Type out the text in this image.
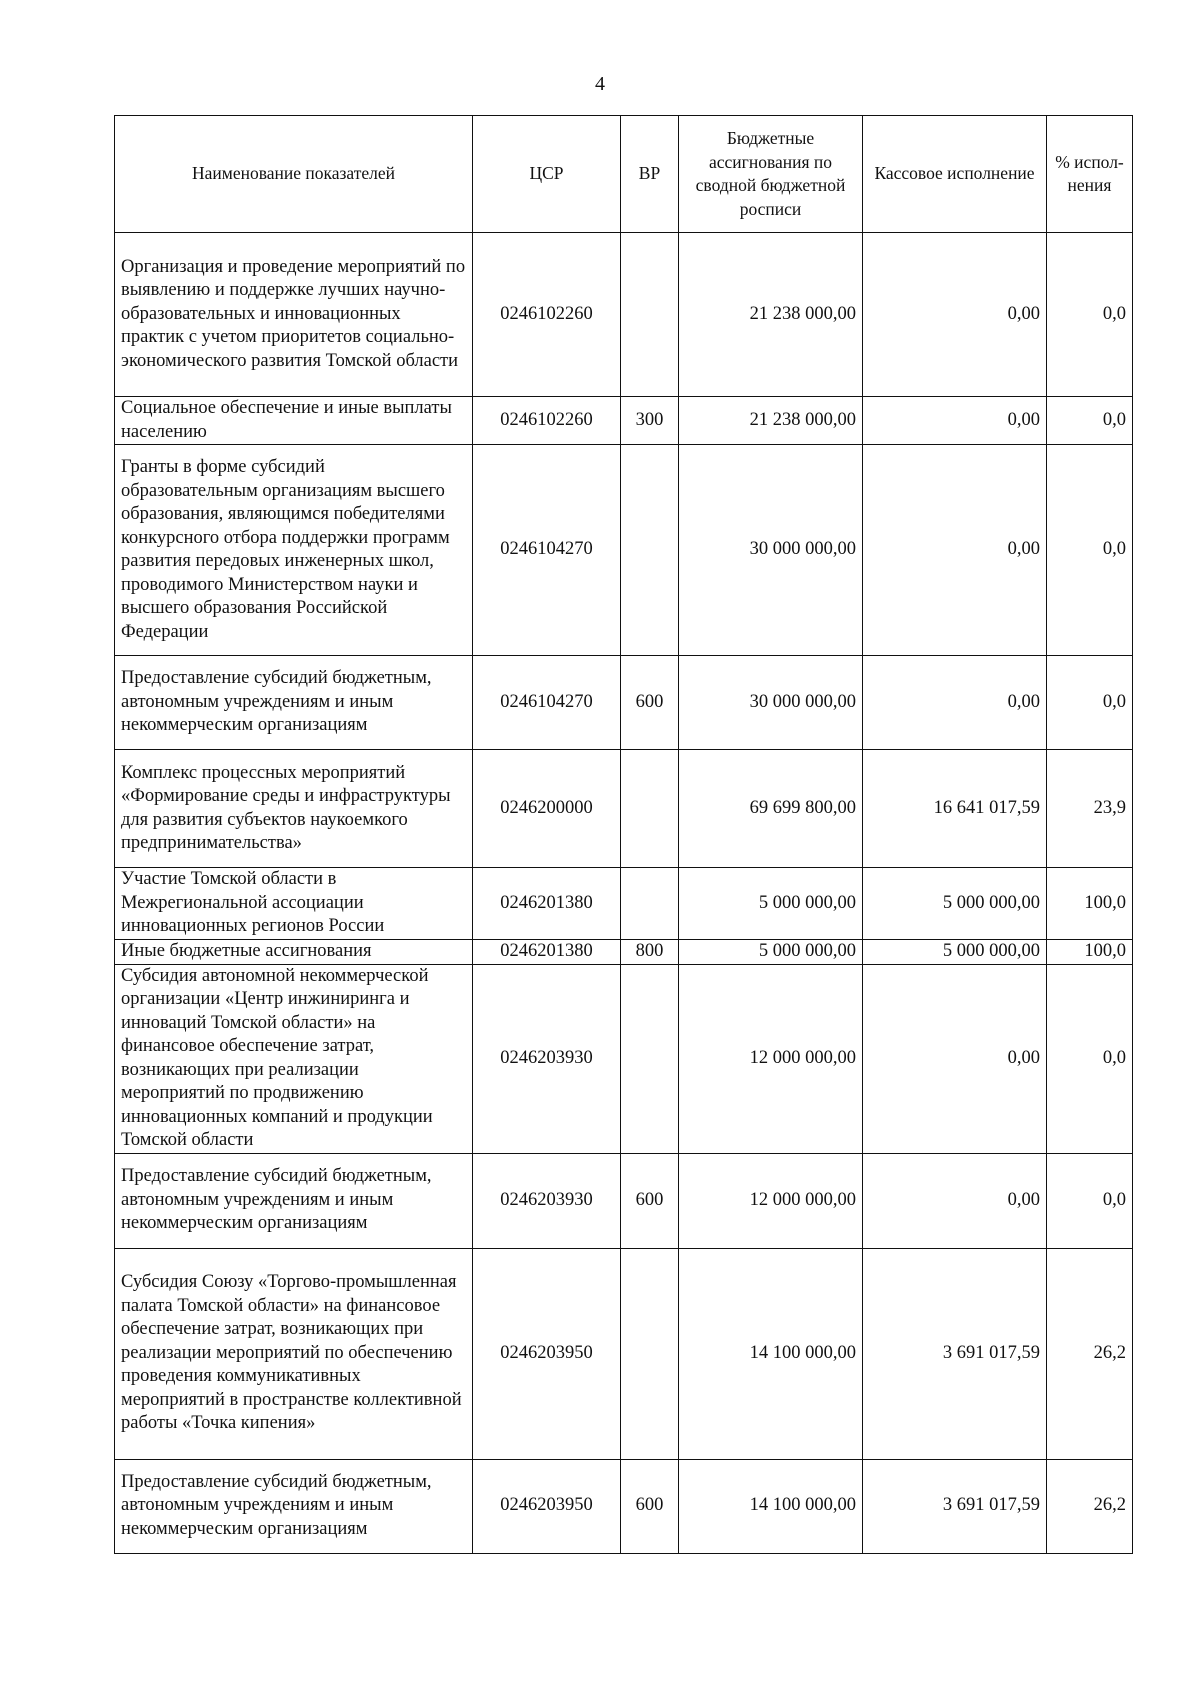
4
Наименование показателей	ЦСР	ВР	Бюджетные ассигнования по сводной бюджетной росписи	Кассовое исполнение	% испол-нения
Организация и проведение мероприятий по выявлению и поддержке лучших научно-образовательных и инновационных практик с учетом приоритетов социально-экономического развития Томской области	0246102260		21 238 000,00	0,00	0,0
Социальное обеспечение и иные выплаты населению	0246102260	300	21 238 000,00	0,00	0,0
Гранты в форме субсидий образовательным организациям высшего образования, являющимся победителями конкурсного отбора поддержки программ развития передовых инженерных школ, проводимого Министерством науки и высшего образования Российской Федерации	0246104270		30 000 000,00	0,00	0,0
Предоставление субсидий бюджетным, автономным учреждениям и иным некоммерческим организациям	0246104270	600	30 000 000,00	0,00	0,0
Комплекс процессных мероприятий «Формирование среды и инфраструктуры для развития субъектов наукоемкого предпринимательства»	0246200000		69 699 800,00	16 641 017,59	23,9
Участие Томской области в Межрегиональной ассоциации инновационных регионов России	0246201380		5 000 000,00	5 000 000,00	100,0
Иные бюджетные ассигнования	0246201380	800	5 000 000,00	5 000 000,00	100,0
Субсидия автономной некоммерческой организации «Центр инжиниринга и инноваций Томской области» на финансовое обеспечение затрат, возникающих при реализации мероприятий по продвижению инновационных компаний и продукции Томской области	0246203930		12 000 000,00	0,00	0,0
Предоставление субсидий бюджетным, автономным учреждениям и иным некоммерческим организациям	0246203930	600	12 000 000,00	0,00	0,0
Субсидия Союзу «Торгово-промышленная палата Томской области» на финансовое обеспечение затрат, возникающих при реализации мероприятий по обеспечению проведения коммуникативных мероприятий в пространстве коллективной работы «Точка кипения»	0246203950		14 100 000,00	3 691 017,59	26,2
Предоставление субсидий бюджетным, автономным учреждениям и иным некоммерческим организациям	0246203950	600	14 100 000,00	3 691 017,59	26,2
